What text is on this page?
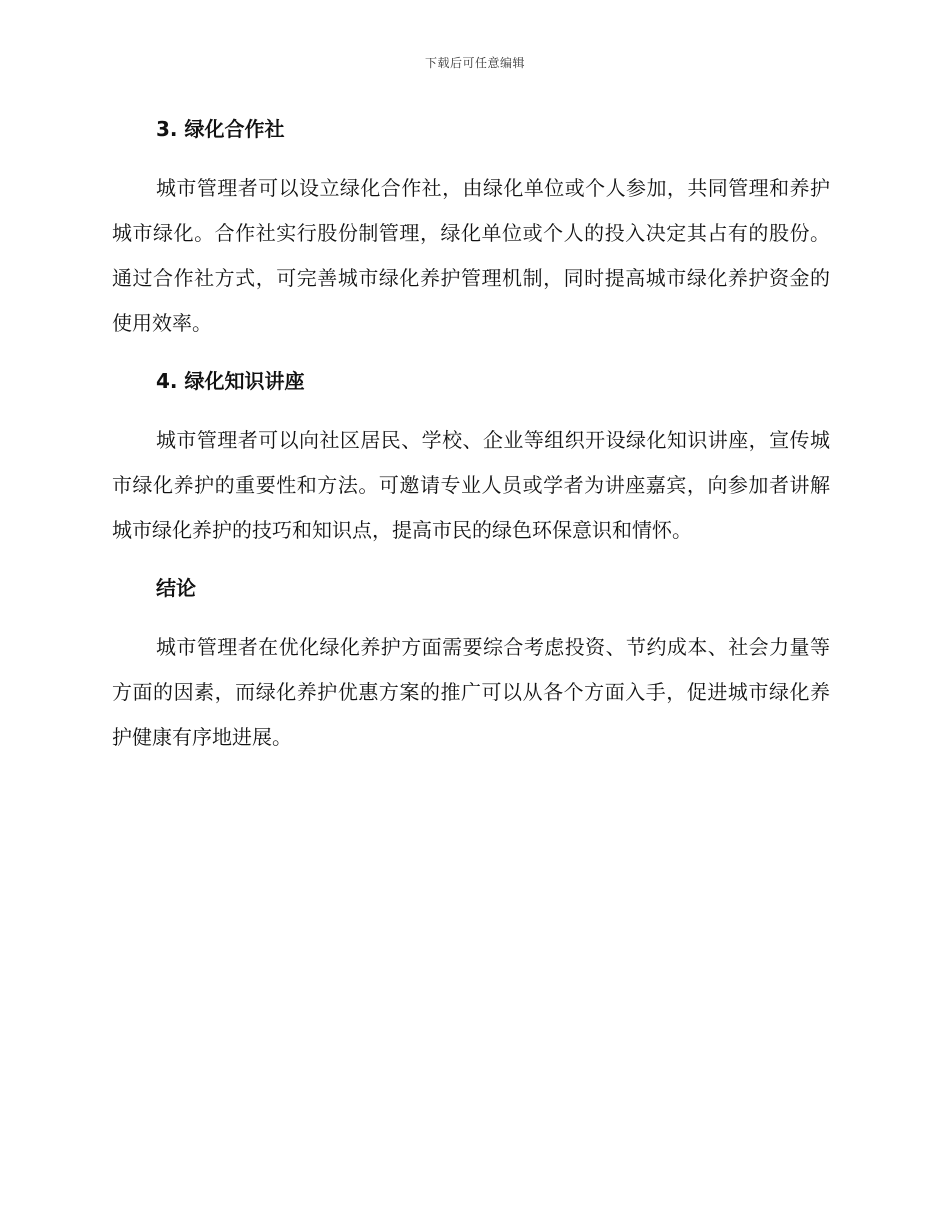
下载后可任意编辑
3. 绿化合作社

城市管理者可以设立绿化合作社，由绿化单位或个人参加，共同管理和养护城市绿化。合作社实行股份制管理，绿化单位或个人的投入决定其占有的股份。通过合作社方式，可完善城市绿化养护管理机制，同时提高城市绿化养护资金的使用效率。

4. 绿化知识讲座

城市管理者可以向社区居民、学校、企业等组织开设绿化知识讲座，宣传城市绿化养护的重要性和方法。可邀请专业人员或学者为讲座嘉宾，向参加者讲解城市绿化养护的技巧和知识点，提高市民的绿色环保意识和情怀。

结论

城市管理者在优化绿化养护方面需要综合考虑投资、节约成本、社会力量等方面的因素，而绿化养护优惠方案的推广可以从各个方面入手，促进城市绿化养护健康有序地进展。
